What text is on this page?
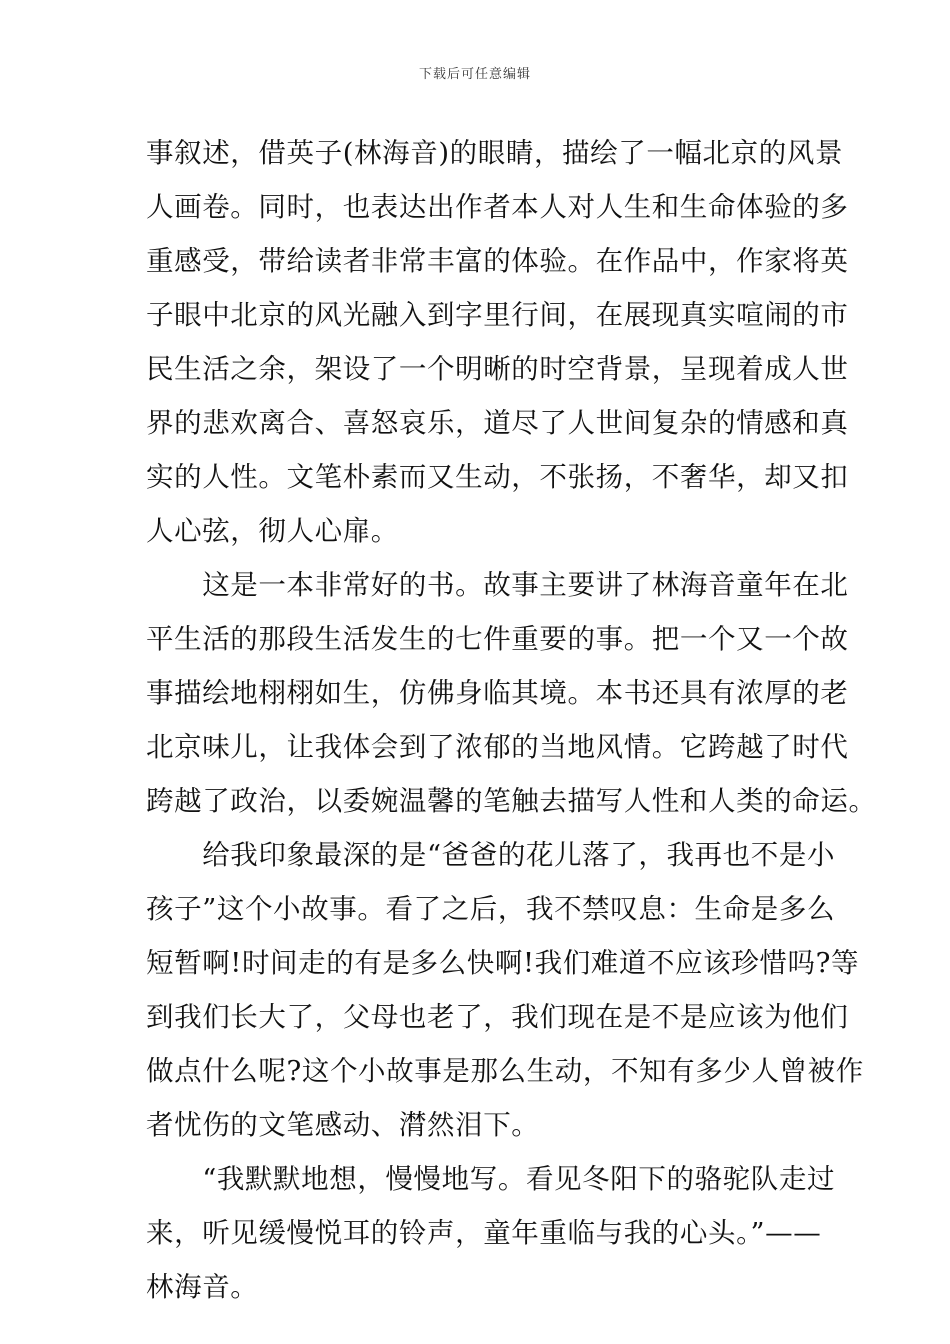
下载后可任意编辑
事叙述，借英子(林海音)的眼睛，描绘了一幅北京的风景
人画卷。同时，也表达出作者本人对人生和生命体验的多
重感受，带给读者非常丰富的体验。在作品中，作家将英
子眼中北京的风光融入到字里行间，在展现真实喧闹的市
民生活之余，架设了一个明晰的时空背景，呈现着成人世
界的悲欢离合、喜怒哀乐，道尽了人世间复杂的情感和真
实的人性。文笔朴素而又生动，不张扬，不奢华，却又扣
人心弦，彻人心扉。
　　这是一本非常好的书。故事主要讲了林海音童年在北
平生活的那段生活发生的七件重要的事。把一个又一个故
事描绘地栩栩如生，仿佛身临其境。本书还具有浓厚的老
北京味儿，让我体会到了浓郁的当地风情。它跨越了时代
跨越了政治，以委婉温馨的笔触去描写人性和人类的命运。
　　给我印象最深的是“爸爸的花儿落了，我再也不是小
孩子”这个小故事。看了之后，我不禁叹息：生命是多么
短暂啊!时间走的有是多么快啊!我们难道不应该珍惜吗?等
到我们长大了，父母也老了，我们现在是不是应该为他们
做点什么呢?这个小故事是那么生动，不知有多少人曾被作
者忧伤的文笔感动、潸然泪下。
　　“我默默地想，慢慢地写。看见冬阳下的骆驼队走过
来，听见缓慢悦耳的铃声，童年重临与我的心头。”——
林海音。
